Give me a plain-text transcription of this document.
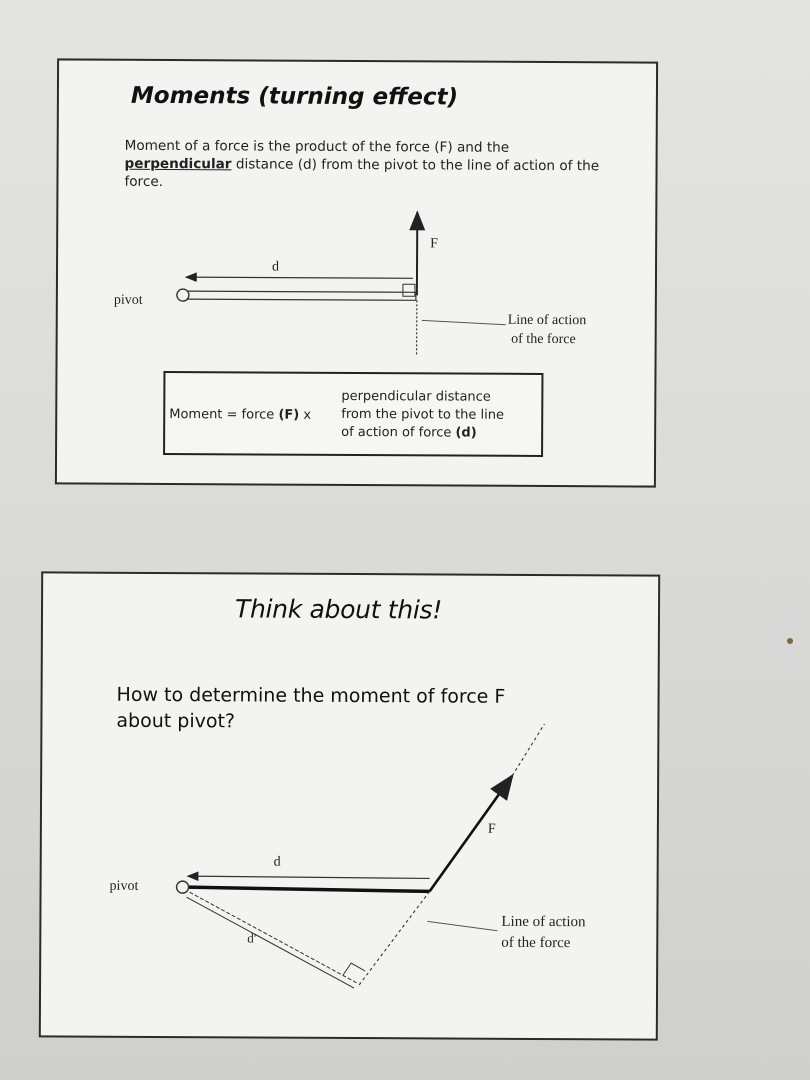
Moments (turning effect)
Moment of a force is the product of the force (F) and the
perpendicular distance (d) from the pivot to the line of action of the force.
F
d
pivot
Line of action
of the force
Moment = force (F) x
perpendicular distance
from the pivot to the line
of action of force (d)
Think about this!
How to determine the moment of force F
about pivot?
F
d
d'
pivot
Line of action
of the force
